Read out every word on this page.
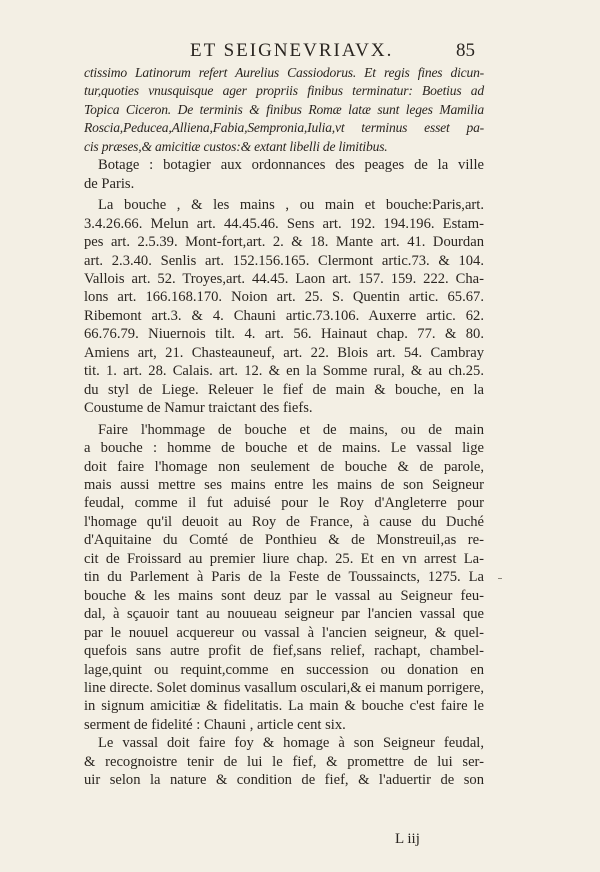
ET SEIGNEVRIAVX.	85
ctissimo Latinorum refert Aurelius Cassiodorus. Et regis fines dicun-
tur,quoties vnusquisque ager propriis finibus terminatur: Boetius ad
Topica Ciceron. De terminis & finibus Romæ latæ sunt leges Mamilia
Roscia,Peducea,Alliena,Fabia,Sempronia,Iulia,vt terminus esset pa-
cis præses,& amicitiæ custos:& extant libelli de limitibus.
Botage : botagier aux ordonnances des peages de la ville
de Paris.
La bouche , & les mains , ou main et bouche:Paris,art.
3.4.26.66. Melun art. 44.45.46. Sens art. 192. 194.196. Estam-
pes art. 2.5.39. Mont-fort,art. 2. & 18. Mante art. 41. Dourdan
art. 2.3.40. Senlis art. 152.156.165. Clermont artic.73. & 104.
Vallois art. 52. Troyes,art. 44.45. Laon art. 157. 159. 222. Cha-
lons art. 166.168.170. Noion art. 25. S. Quentin artic. 65.67.
Ribemont art.3. & 4. Chauni artic.73.106. Auxerre artic. 62.
66.76.79. Niuernois tilt. 4. art. 56. Hainaut chap. 77. & 80.
Amiens art, 21. Chasteauneuf, art. 22. Blois art. 54. Cambray
tit. 1. art. 28. Calais. art. 12. & en la Somme rural, & au ch.25.
du styl de Liege. Releuer le fief de main & bouche, en la
Coustume de Namur traictant des fiefs.
Faire l'hommage de bouche et de mains, ou de main
a bouche : homme de bouche et de mains. Le vassal lige
doit faire l'homage non seulement de bouche & de parole,
mais aussi mettre ses mains entre les mains de son Seigneur
feudal, comme il fut aduisé pour le Roy d'Angleterre pour
l'homage qu'il deuoit au Roy de France, à cause du Duché
d'Aquitaine du Comté de Ponthieu & de Monstreuil,as re-
cit de Froissard au premier liure chap. 25. Et en vn arrest La-
tin du Parlement à Paris de la Feste de Toussaincts, 1275. La
bouche & les mains sont deuz par le vassal au Seigneur feu-
dal, à sçauoir tant au nouueau seigneur par l'ancien vassal que
par le nouuel acquereur ou vassal à l'ancien seigneur, & quel-
quefois sans autre profit de fief,sans relief, rachapt, chambel-
lage,quint ou requint,comme en succession ou donation en
line directe. Solet dominus vasallum osculari,& ei manum porrigere,
in signum amicitiæ & fidelitatis. La main & bouche c'est faire le
serment de fidelité : Chauni , article cent six.
Le vassal doit faire foy & homage à son Seigneur feudal,
& recognoistre tenir de lui le fief, & promettre de lui ser-
uir selon la nature & condition de fief, & l'aduertir de son
L iij
